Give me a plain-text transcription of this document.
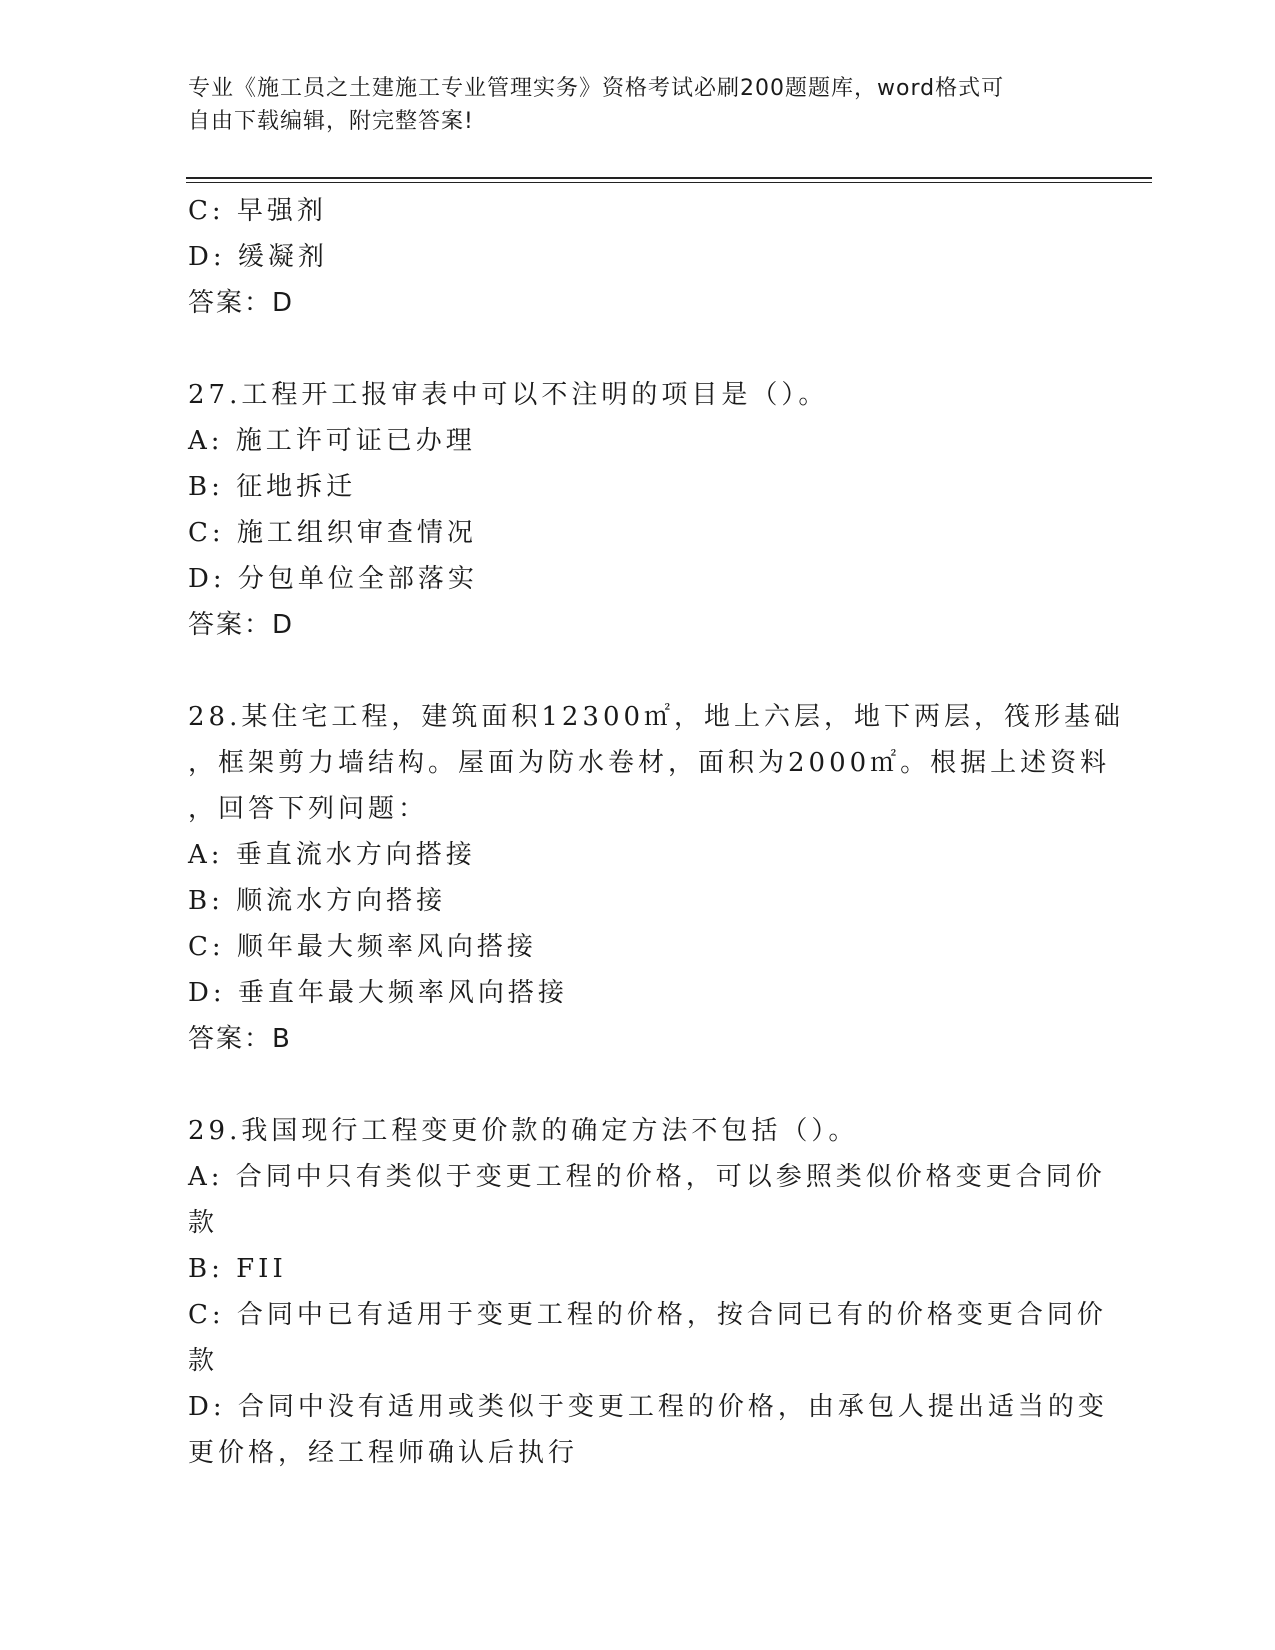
专业《施工员之土建施工专业管理实务》资格考试必刷200题题库，word格式可
自由下载编辑，附完整答案!
C: 早强剂
D: 缓凝剂
答案：D
27.工程开工报审表中可以不注明的项目是（）。
A: 施工许可证已办理
B: 征地拆迁
C: 施工组织审查情况
D: 分包单位全部落实
答案：D
28.某住宅工程，建筑面积12300㎡，地上六层，地下两层，筏形基础
，框架剪力墙结构。屋面为防水卷材，面积为2000㎡。根据上述资料
，回答下列问题：
A: 垂直流水方向搭接
B: 顺流水方向搭接
C: 顺年最大频率风向搭接
D: 垂直年最大频率风向搭接
答案：B
29.我国现行工程变更价款的确定方法不包括（）。
A: 合同中只有类似于变更工程的价格，可以参照类似价格变更合同价
款
B: FII
C: 合同中已有适用于变更工程的价格，按合同已有的价格变更合同价
款
D: 合同中没有适用或类似于变更工程的价格，由承包人提出适当的变
更价格，经工程师确认后执行
